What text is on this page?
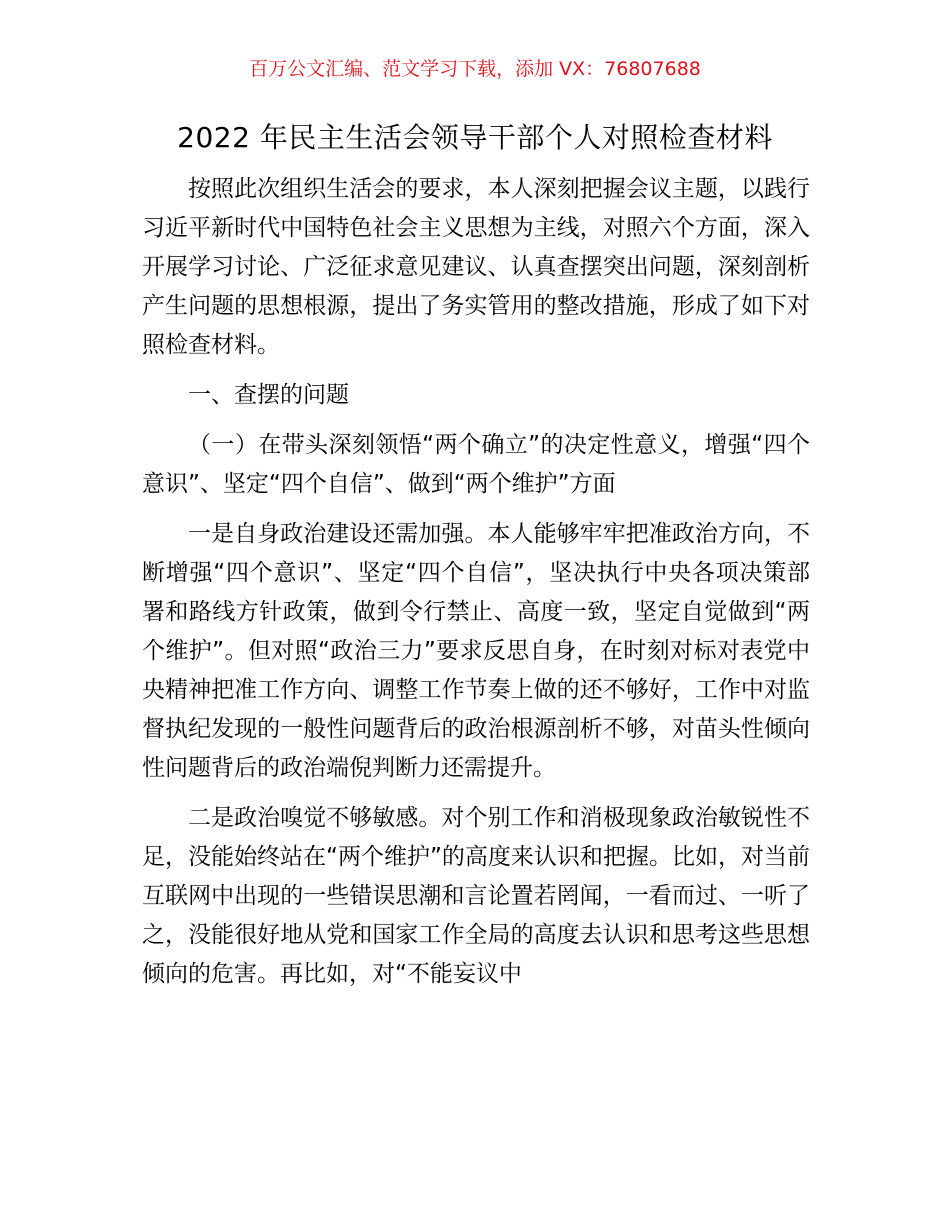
百万公文汇编、范文学习下载，添加 VX：76807688
2022 年民主生活会领导干部个人对照检查材料

按照此次组织生活会的要求，本人深刻把握会议主题，以践行习近平新时代中国特色社会主义思想为主线，对照六个方面，深入开展学习讨论、广泛征求意见建议、认真查摆突出问题，深刻剖析产生问题的思想根源，提出了务实管用的整改措施，形成了如下对照检查材料。

一、查摆的问题

（一）在带头深刻领悟“两个确立”的决定性意义，增强“四个意识”、坚定“四个自信”、做到“两个维护”方面

一是自身政治建设还需加强。本人能够牢牢把准政治方向，不断增强“四个意识”、坚定“四个自信”，坚决执行中央各项决策部署和路线方针政策，做到令行禁止、高度一致，坚定自觉做到“两个维护”。但对照“政治三力”要求反思自身，在时刻对标对表党中央精神把准工作方向、调整工作节奏上做的还不够好，工作中对监督执纪发现的一般性问题背后的政治根源剖析不够，对苗头性倾向性问题背后的政治端倪判断力还需提升。

二是政治嗅觉不够敏感。对个别工作和消极现象政治敏锐性不足，没能始终站在“两个维护”的高度来认识和把握。比如，对当前互联网中出现的一些错误思潮和言论置若罔闻，一看而过、一听了之，没能很好地从党和国家工作全局的高度去认识和思考这些思想倾向的危害。再比如，对“不能妄议中
